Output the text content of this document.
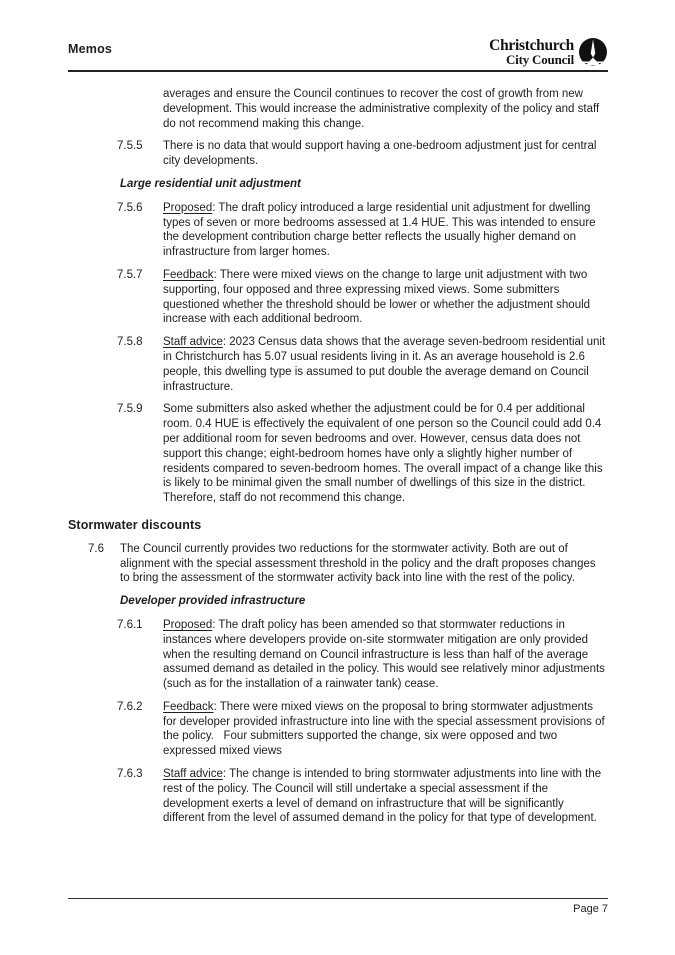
Memos	Christchurch
City Council
averages and ensure the Council continues to recover the cost of growth from new development. This would increase the administrative complexity of the policy and staff do not recommend making this change.
7.5.5	There is no data that would support having a one-bedroom adjustment just for central city developments.
Large residential unit adjustment
7.5.6	Proposed: The draft policy introduced a large residential unit adjustment for dwelling types of seven or more bedrooms assessed at 1.4 HUE. This was intended to ensure the development contribution charge better reflects the usually higher demand on infrastructure from larger homes.
7.5.7	Feedback: There were mixed views on the change to large unit adjustment with two supporting, four opposed and three expressing mixed views. Some submitters questioned whether the threshold should be lower or whether the adjustment should increase with each additional bedroom.
7.5.8	Staff advice: 2023 Census data shows that the average seven-bedroom residential unit in Christchurch has 5.07 usual residents living in it. As an average household is 2.6 people, this dwelling type is assumed to put double the average demand on Council infrastructure.
7.5.9	Some submitters also asked whether the adjustment could be for 0.4 per additional room. 0.4 HUE is effectively the equivalent of one person so the Council could add 0.4 per additional room for seven bedrooms and over. However, census data does not support this change; eight-bedroom homes have only a slightly higher number of residents compared to seven-bedroom homes. The overall impact of a change like this is likely to be minimal given the small number of dwellings of this size in the district. Therefore, staff do not recommend this change.
Stormwater discounts
7.6	The Council currently provides two reductions for the stormwater activity. Both are out of alignment with the special assessment threshold in the policy and the draft proposes changes to bring the assessment of the stormwater activity back into line with the rest of the policy.
Developer provided infrastructure
7.6.1	Proposed: The draft policy has been amended so that stormwater reductions in instances where developers provide on-site stormwater mitigation are only provided when the resulting demand on Council infrastructure is less than half of the average assumed demand as detailed in the policy. This would see relatively minor adjustments (such as for the installation of a rainwater tank) cease.
7.6.2	Feedback: There were mixed views on the proposal to bring stormwater adjustments for developer provided infrastructure into line with the special assessment provisions of the policy.   Four submitters supported the change, six were opposed and two expressed mixed views
7.6.3	Staff advice: The change is intended to bring stormwater adjustments into line with the rest of the policy. The Council will still undertake a special assessment if the development exerts a level of demand on infrastructure that will be significantly different from the level of assumed demand in the policy for that type of development.
Page 7
